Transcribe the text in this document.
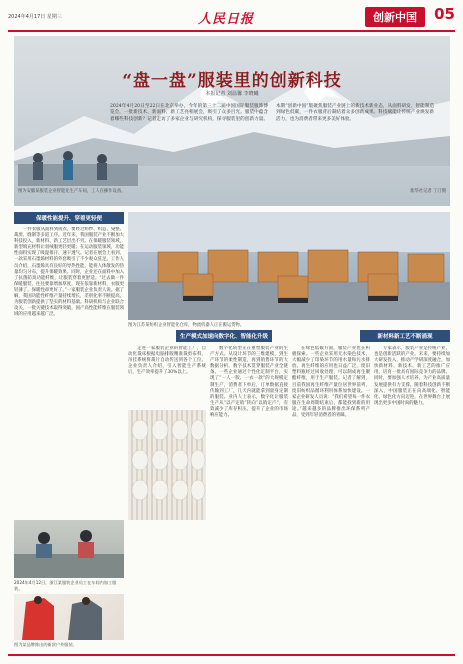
2024年4月17日 星期三	人民日报	创新中国	05
“盘一盘”服装里的创新科技
本报记者 刘温馨 李晓曦
2024年4月20日至22日在北京举办，今年的第三十二届中国国际服装服饰博览会，一批新技术、新面料、新工艺亮相展会，吸引了众多目光。服装中蕴含着哪些科技创新？记者走访了多家企业与研究机构，探寻服装里的创新力量。本期“创新中国”版聚焦服装产业链上的新技术新业态，从面料研发、智能制造到绿色低碳，一件衣服背后凝结着众多创新成果。科技赋能让传统产业焕发新活力，也为消费者带来更多美好体验。
图为安徽某服装企业智能化生产车间，工人在操作设备。	新华社记者 丁汀摄
保暖性能提升、穿着更轻便
一件衣服从面料到成衣，要经过纺纱、织造、染整、裁剪、缝制等多道工序。近年来，我国服装产业不断加大科技投入，新材料、新工艺层出不穷。在保暖服装领域，新型填充材料让羽绒服更轻更暖；在运动服装领域，功能性面料实现了吸湿排汗、速干透气。记者在展会上看到，一款采用石墨烯材料的外套吸引了不少观众驻足。工作人员介绍，石墨烯具有良好的导热性能，能将人体散发的热量均匀分布，提升保暖效果。同时，企业还在面料中加入了抗菌防臭功能纤维，让服装穿着更舒适。“过去做一件保暖服装，往往要靠增加厚度，现在依靠新材料，衣服更轻薄了，保暖性却更好了。”一家服装企业负责人说。据了解，我国功能性纤维产量持续增长，差别化率不断提高，为服装创新提供了坚实的材料基础。科研机构与企业联合攻关，一批关键技术取得突破，国产高性能纤维在服装领域的应用越来越广泛。
图为江苏某纺织企业智能化仓库，物流机器人正在搬运货物。
生产模式加速向数字化、智能化升级	新材料新工艺不断涌现
走进一家服装企业的智能工厂，自动化裁床根据电脑排版精准裁剪布料，吊挂系统将裁片自动传送到各个工位。企业负责人介绍，引入智能生产系统后，生产效率提升了30%以上。
数字化转型正在重塑服装产业的生产方式。从设计环节的三维建模，到生产环节的柔性制造，再到销售环节的大数据分析，数字技术贯穿服装产业全链条。一些企业通过个性化定制平台，实现了“一人一版、一衣一款”的大规模定制生产，消费者下单后，订单数据直接传输到工厂，几天内就能拿到量身定制的服装。业内人士表示，数字化让服装生产从“以产定销”转向“以销定产”，有效减少了库存积压，提升了企业的市场响应能力。
在绿色低碳方面，服装产业也在积极探索。一些企业采用无水染色技术，大幅减少了印染环节的用水量和污水排放。再生纤维的应用也日益广泛，废旧塑料瓶经过回收处理，可以制成再生聚酯纤维，用于生产服装。记者了解到，目前我国再生纤维产量位居世界前列，废旧纺织品循环利用体系加快建设。一家企业研发人员说：“我们希望每一件衣服在生命周期结束后，都能找到新的用途。”越来越多的品牌推出环保系列产品，受到年轻消费者的青睐。
专家表示，服装产业是传统产业，也是创新活跃的产业。未来，要持续加大研发投入，推动产学研深度融合，加快新材料、新技术、新工艺的推广应用，培育一批具有国际竞争力的品牌。同时，要加强人才培养，为产业高质量发展提供有力支撑。随着科技创新不断深入，中国服装正在向高端化、智能化、绿色化方向迈进，在世界舞台上展现出更多中国时尚的魅力。
2024年4月12日，浙江某服装企业员工在车间内加工服装。
图为某品牌推出的新款户外服装。
